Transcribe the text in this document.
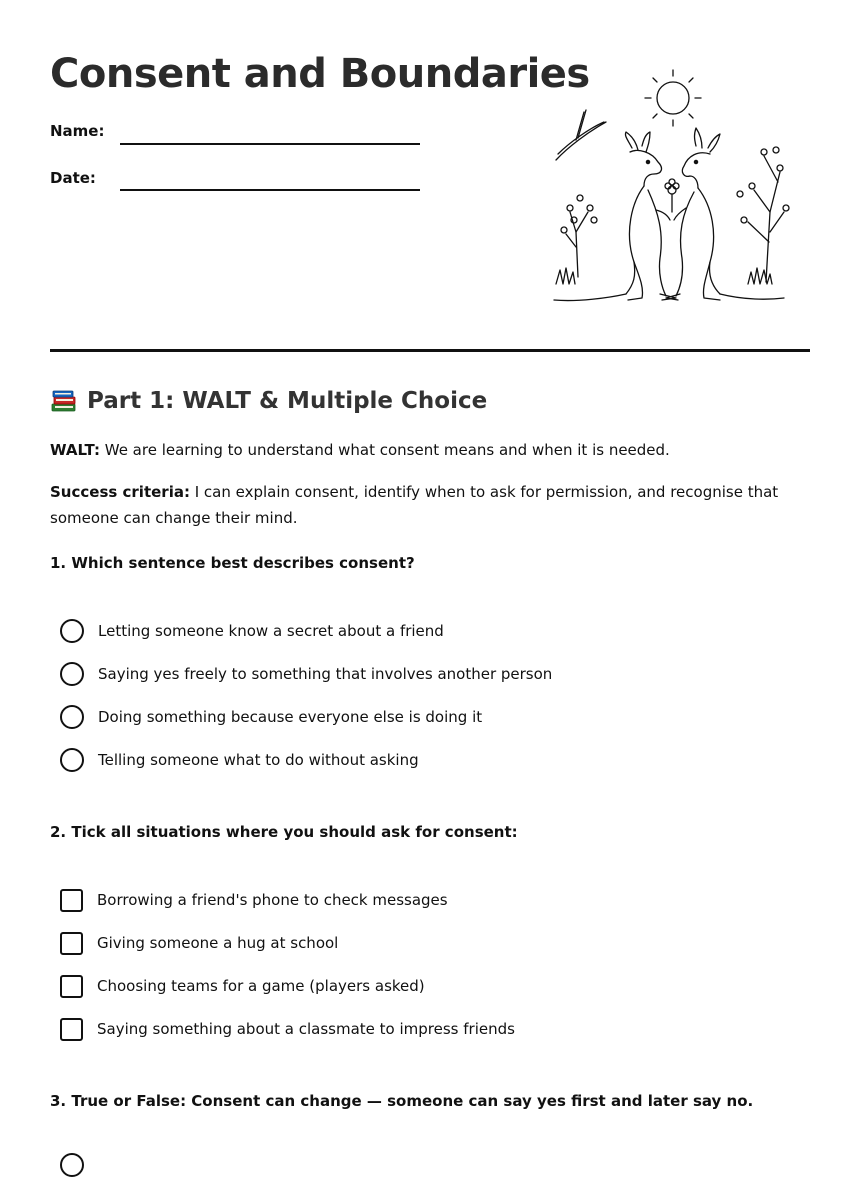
Consent and Boundaries
Name:
Date:
Part 1: WALT & Multiple Choice
WALT: We are learning to understand what consent means and when it is needed.
Success criteria: I can explain consent, identify when to ask for permission, and recognise that someone can change their mind.
1. Which sentence best describes consent?
Letting someone know a secret about a friend
Saying yes freely to something that involves another person
Doing something because everyone else is doing it
Telling someone what to do without asking
2. Tick all situations where you should ask for consent:
Borrowing a friend's phone to check messages
Giving someone a hug at school
Choosing teams for a game (players asked)
Saying something about a classmate to impress friends
3. True or False: Consent can change — someone can say yes first and later say no.
